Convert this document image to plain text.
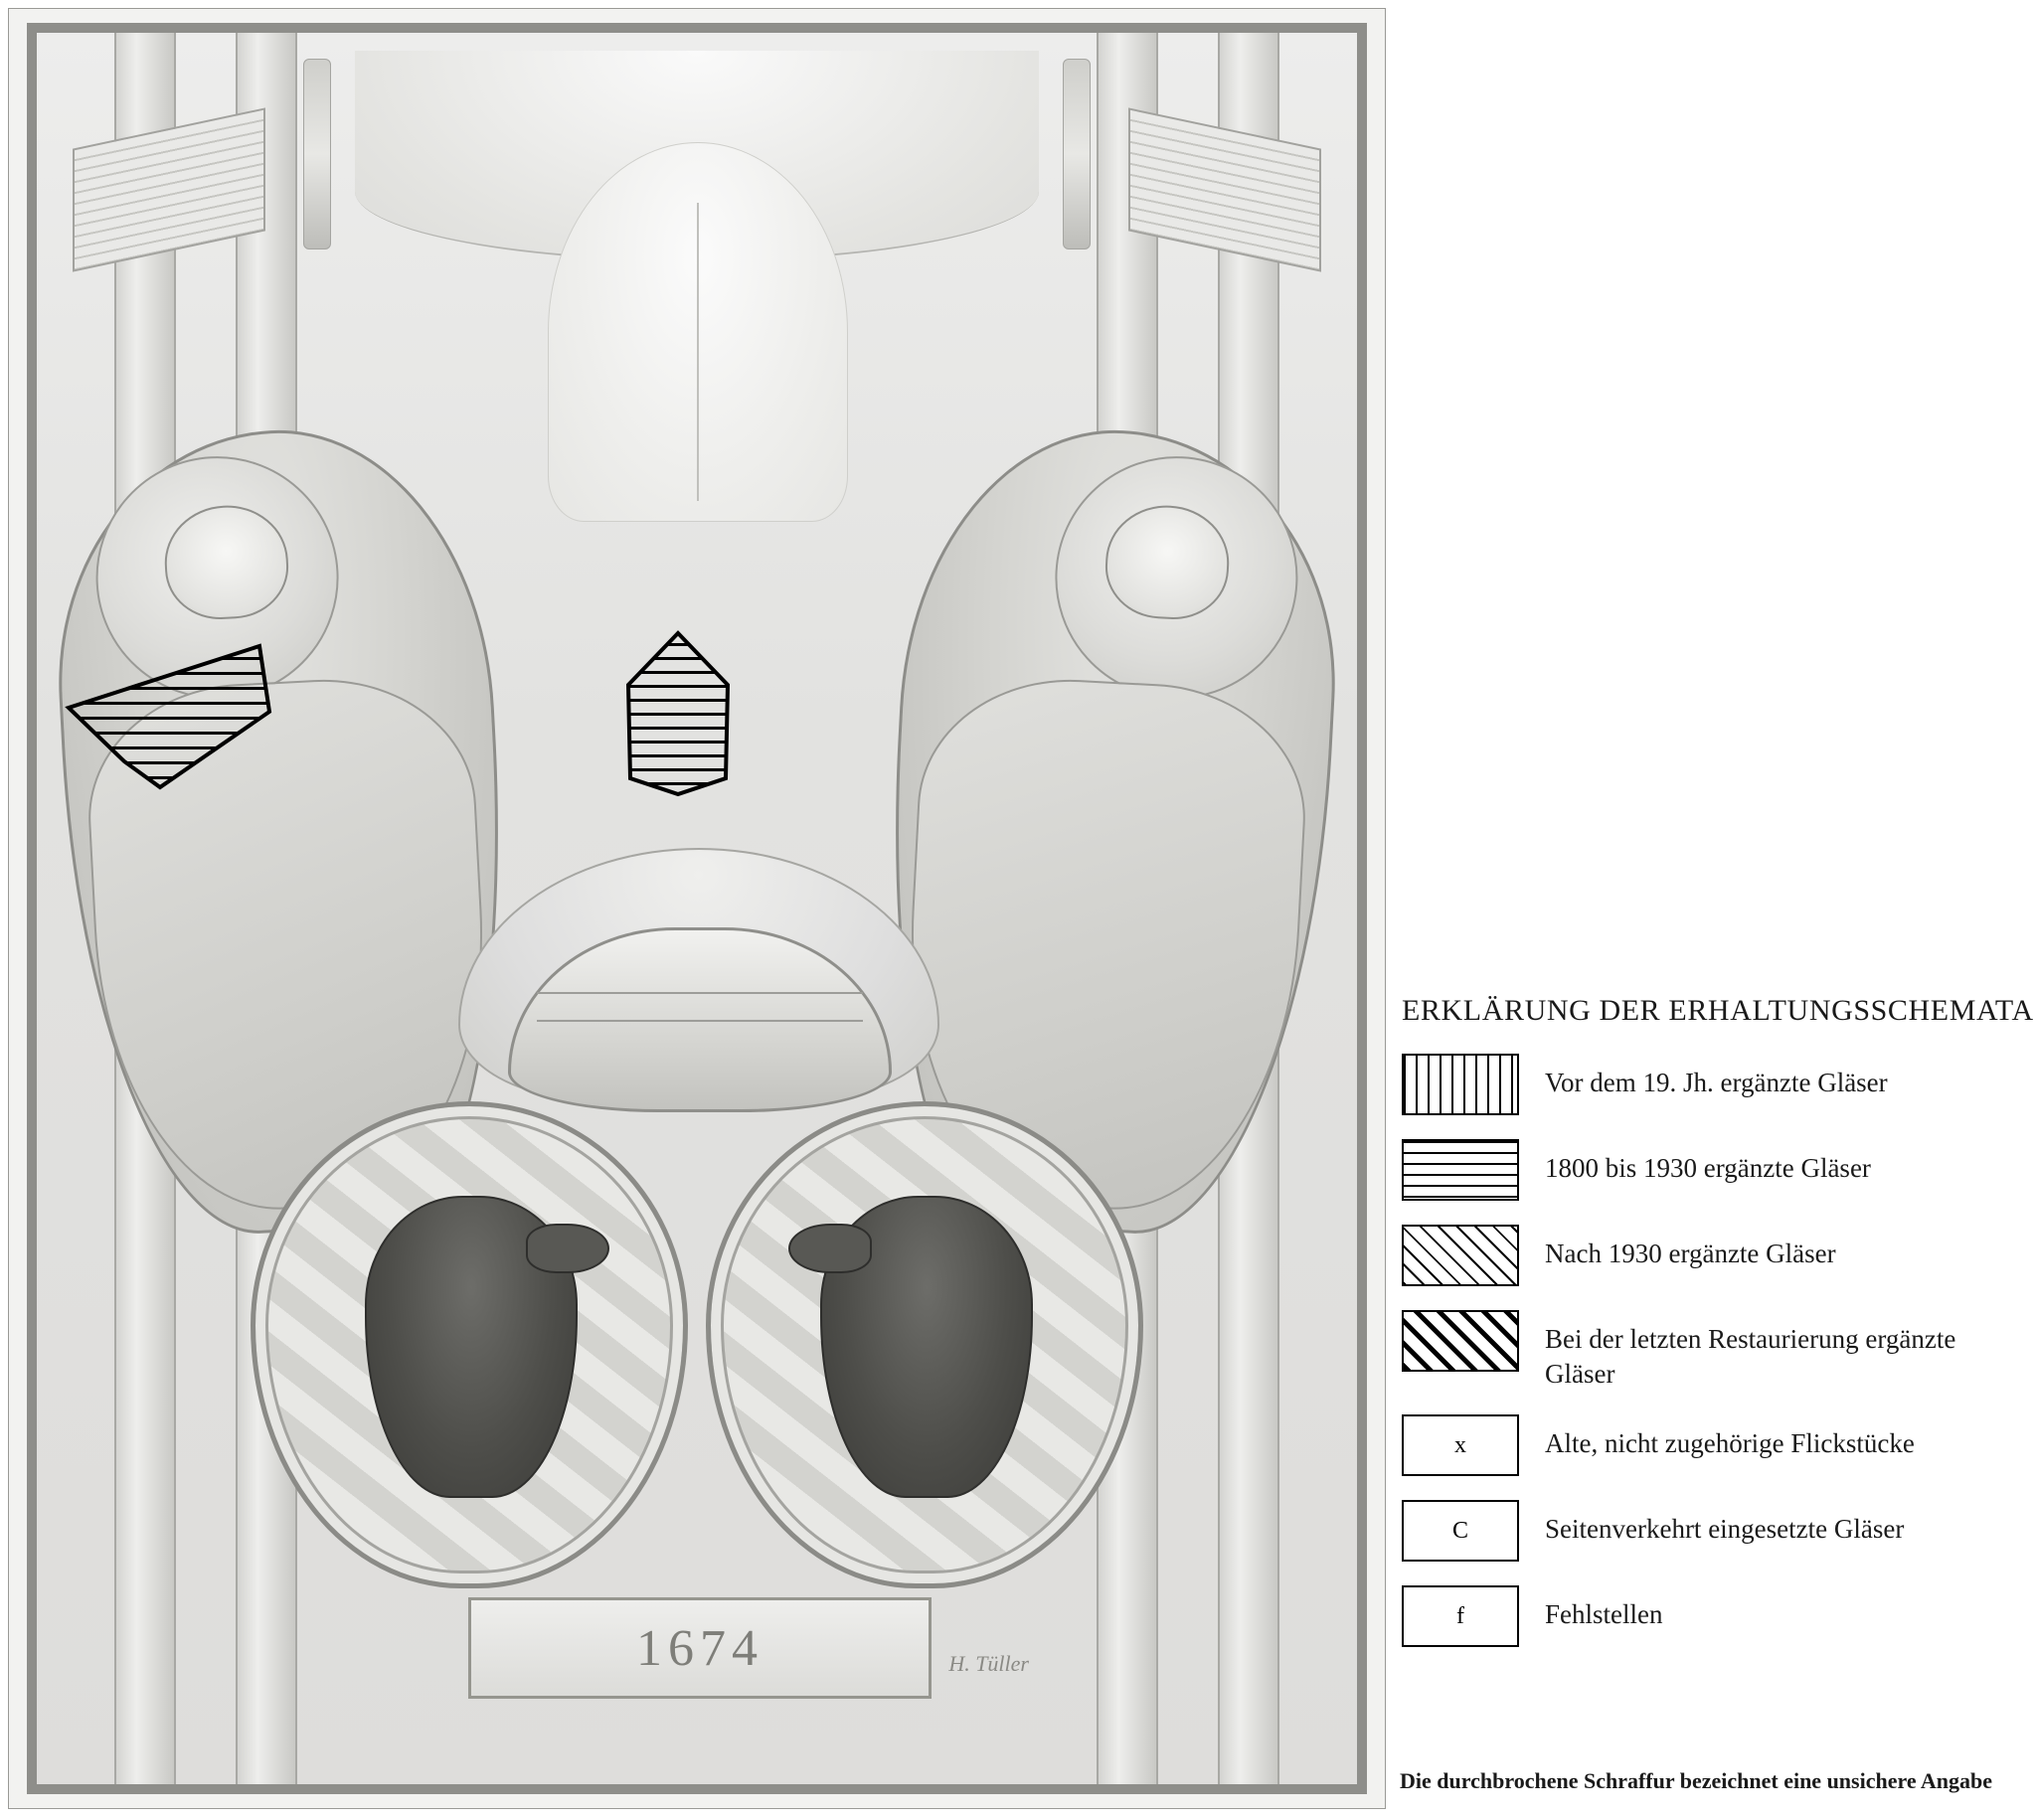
1674	H. Tüller
ERKLÄRUNG DER ERHALTUNGSSCHEMATA
Vor dem 19. Jh. ergänzte Gläser
1800 bis 1930 ergänzte Gläser
Nach 1930 ergänzte Gläser
Bei der letzten Restaurierung ergänzte Gläser
x	Alte, nicht zugehörige Flickstücke
C	Seitenverkehrt eingesetzte Gläser
f	Fehlstellen
Die durchbrochene Schraffur bezeichnet eine unsichere Angabe
